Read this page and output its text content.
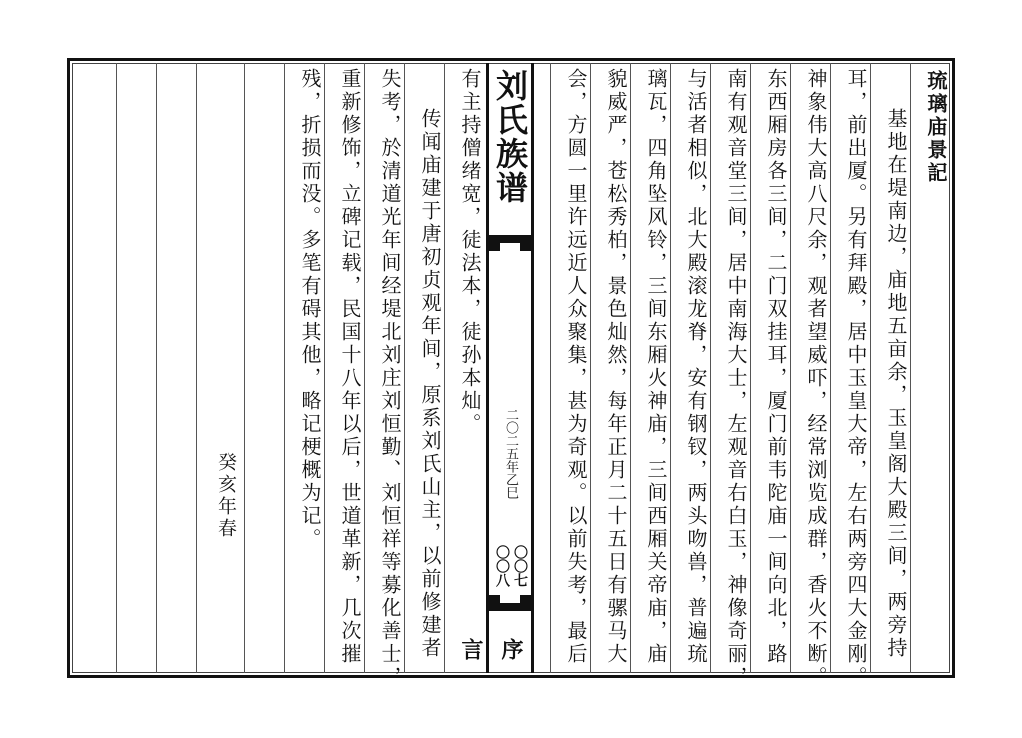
琉璃庙景記
基地在堤南边，庙地五亩余，玉皇阁大殿三间，两旁持
耳，前出厦。另有拜殿，居中玉皇大帝，左右两旁四大金刚。
神象伟大高八尺余，观者望威吓，经常浏览成群，香火不断。
东西厢房各三间，二门双挂耳，厦门前韦陀庙一间向北，路
南有观音堂三间，居中南海大士，左观音右白玉，神像奇丽，
与活者相似，北大殿滚龙脊，安有钢钗，两头吻兽，普遍琉
璃瓦，四角坠风铃，三间东厢火神庙，三间西厢关帝庙，庙
貌威严，苍松秀柏，景色灿然，每年正月二十五日有骡马大
会，方圆一里许远近人众聚集，甚为奇观。以前失考，最后
刘氏族谱
二〇二五年乙巳
〇〇七
〇〇八
序言
有主持僧绪宽，徒法本，徒孙本灿。
传闻庙建于唐初贞观年间，原系刘氏山主，以前修建者
失考，於清道光年间经堤北刘庄刘恒勤、刘恒祥等募化善士，
重新修饰，立碑记载，民国十八年以后，世道革新，几次摧
残，折损而没。多笔有碍其他，略记梗概为记。
癸亥年春
